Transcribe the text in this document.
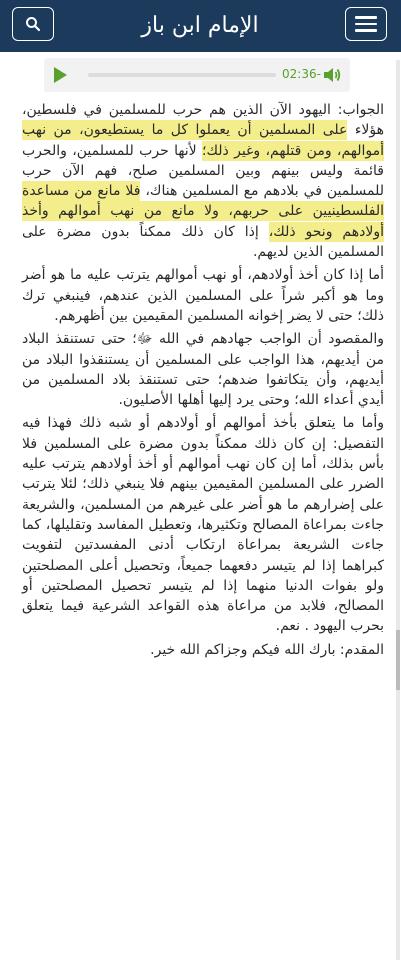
الإمام ابن باز
02:36-

الجواب: اليهود الآن الذين هم حرب للمسلمين في فلسطين، هؤلاء على المسلمين أن يعملوا كل ما يستطيعون، من نهب أموالهم، ومن قتلهم، وغير ذلك؛ لأنها حرب للمسلمين، والحرب قائمة وليس بينهم وبين المسلمين صلح، فهم الآن حرب للمسلمين في بلادهم مع المسلمين هناك، فلا مانع من مساعدة الفلسطينيين على حربهم، ولا مانع من نهب أموالهم وأخذ أولادهم ونحو ذلك، إذا كان ذلك ممكناً بدون مضرة على المسلمين الذين لديهم.

أما إذا كان أخذ أولادهم، أو نهب أموالهم يترتب عليه ما هو أضر وما هو أكبر شراً على المسلمين الذين عندهم، فينبغي ترك ذلك؛ حتى لا يضر إخوانه المسلمين المقيمين بين أظهرهم.

والمقصود أن الواجب جهادهم في الله ﷻ؛ حتى تستنقذ البلاد من أيديهم، هذا الواجب على المسلمين أن يستنقذوا البلاد من أيديهم، وأن يتكاتفوا ضدهم؛ حتى تستنقذ بلاد المسلمين من أيدي أعداء الله؛ وحتى يرد إليها أهلها الأصليون.

وأما ما يتعلق بأخذ أموالهم أو أولادهم أو شبه ذلك فهذا فيه التفصيل: إن كان ذلك ممكناً بدون مضرة على المسلمين فلا بأس بذلك، أما إن كان نهب أموالهم أو أخذ أولادهم يترتب عليه الضرر على المسلمين المقيمين بينهم فلا ينبغي ذلك؛ لئلا يترتب على إضرارهم ما هو أضر على غيرهم من المسلمين، والشريعة جاءت بمراعاة المصالح وتكثيرها، وتعطيل المفاسد وتقليلها، كما جاءت الشريعة بمراعاة ارتكاب أدنى المفسدتين لتفويت كبراهما إذا لم يتيسر دفعهما جميعاً، وتحصيل أعلى المصلحتين ولو بفوات الدنيا منهما إذا لم يتيسر تحصيل المصلحتين أو المصالح، فلابد من مراعاة هذه القواعد الشرعية فيما يتعلق بحرب اليهود . نعم.

المقدم: بارك الله فيكم وجزاكم الله خير.
